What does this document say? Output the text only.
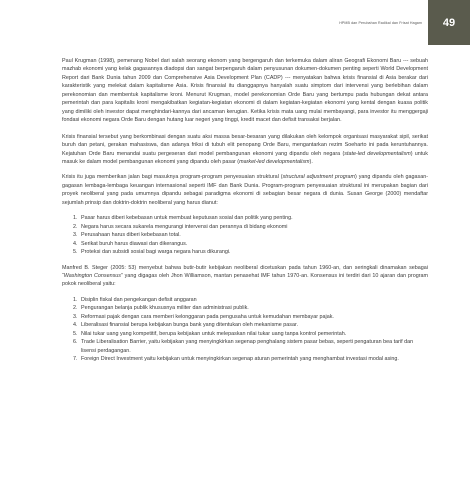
49
HPMB dan Perubahan Radikal dan Frisat Hagam

Paul Krugman (1998), pemenang Nobel dari salah seorang ekonom yang bergengaruh dan terkemuka dalam aliran Geografi Ekonomi Baru --- sebuah mazhab ekonomi yang kelak gagasannya diadopsi dan sangat berpengaruh dalam penyusunan dokumen-dokumen penting seperti World Development Report dari Bank Dunia tahun 2009 dan Comprehensive Asia Development Plan (CADP) --- menyatakan bahwa krisis finansial di Asia berakar dari karakteristik yang melekat dalam kapitalisme Asia. Krisis finansial itu dianggapnya hanyalah suatu simptom dari intervensi yang berlebihan dalam perekonomian dan membentuk kapitalisme kroni. Menurut Krugman, model perekonomian Orde Baru yang bertumpu pada hubungan dekat antara pemerintah dan para kapitalis kroni mengakibatkan kegiatan-kegiatan ekonomi di dalam kegiatan-kegiatan ekonomi yang kental dengan kuasa politik yang dimiliki oleh investor dapat menghindari-kannya dari ancaman kerugian. Ketika krisis mata uang mulai membayangi, para investor itu menggergaji fondasi ekonomi negara Orde Baru dengan hutang luar negeri yang tinggi, kredit macet dan defisit transaksi berjalan.

Krisis finansial tersebut yang berkombinasi dengan suatu aksi massa besar-besaran yang dilakukan oleh kelompok organisasi masyarakat sipil, serikat buruh dan petani, gerakan mahasiswa, dan adanya friksi di tubuh elit penopang Orde Baru, mengantarkan rezim Soeharto ini pada keruntuhannya. Kejatuhan Orde Baru menandai suatu pergeseran dari model pembangunan ekonomi yang dipandu oleh negara (state-led developmentalism) untuk masuk ke dalam model pembangunan ekonomi yang dipandu oleh pasar (market-led developmentalism).

Krisis itu juga memberikan jalan bagi masuknya program-program penyesuaian struktural (structural adjustment program) yang dipandu oleh gagasan-gagasan lembaga-lembaga keuangan internasional seperti IMF dan Bank Dunia. Program-program penyesuaian struktural ini merupakan bagian dari proyek neoliberal yang pada umumnya dipandu sebagai paradigma ekonomi di sebagian besar negara di dunia. Susan George (2000) mendaftar sejumlah prinsip dan doktrin-doktrin neoliberal yang harus dianut:

1. Pasar harus diberi kebebasan untuk membuat keputusan sosial dan politik yang penting.
2. Negara harus secara sukarela mengurangi intervensi dan perannya di bidang ekonomi
3. Perusahaan harus diberi kebebasan total.
4. Serikat buruh harus diawasi dan dikerangus.
5. Proteksi dan subsidi sosial bagi warga negara harus dikurangi.

Manfred B. Steger (2005: 53) menyebut bahwa butir-butir kebijakan neoliberal dicetuskan pada tahun 1960-an, dan seringkali dinamakan sebagai “Washington Consensus” yang digagas oleh Jhon Williamson, mantan penasehat IMF tahun 1970-an. Konsensus ini terdiri dari 10 ajaran dan program pokok neoliberal yaitu:

1. Disiplin fiskal dan pengekangan defisit anggaran
2. Pengurangan belanja publik khususnya militer dan administrasi publik.
3. Reformasi pajak dengan cara memberi kelonggaran pada pengusaha untuk kemudahan membayar pajak.
4. Liberalisasi finansial berupa kebijakan bunga bank yang ditentukan oleh mekanisme pasar.
5. Nilai tukar uang yang kompetitif, berupa kebijakan untuk melepaskan nilai tukar uang tanpa kontrol pemerintah.
6. Trade Liberalisation Barrier, yaitu kebijakan yang menyingkirkan segenap penghalang sistem pasar bebas, seperti pengaturan bea tarif dan lisensi perdagangan.
7. Foreign Direct Investment yaitu kebijakan untuk menyingkirkan segenap aturan pemerintah yang menghambat investasi modal asing.
